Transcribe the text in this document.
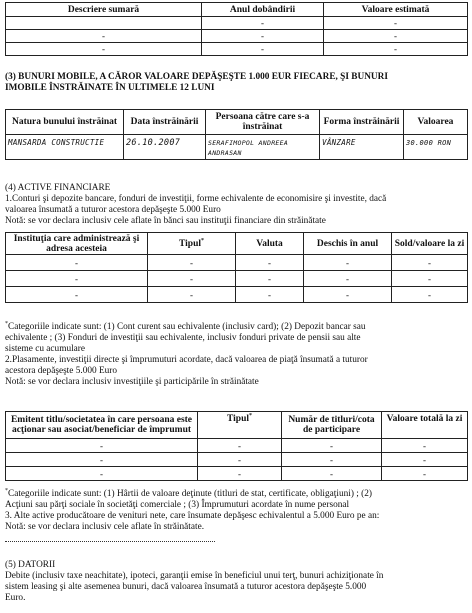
Descriere sumară	Anul dobândirii	Valoare estimată
	-	-
-	-	-
-	-	-

(3) BUNURI MOBILE, A CĂROR VALOARE DEPĂŞEŞTE 1.000 EUR FIECARE, ŞI BUNURI

IMOBILE ÎNSTRĂINATE ÎN ULTIMELE 12 LUNI

Natura bunului înstrăinat	Data înstrăinării	Persoana către care s-a înstrăinat	Forma înstrăinării	Valoarea
MANSARDA CONSTRUCTIE	26.10.2007	SERAFIMOPOL ANDREEA ANDRASAN	VÂNZARE	30.000 RON

(4) ACTIVE FINANCIARE

1.Conturi şi depozite bancare, fonduri de investiţii, forme echivalente de economisire şi investite, dacă

valoarea însumată a tuturor acestora depăşeşte 5.000 Euro

Notă: se vor declara inclusiv cele aflate în bănci sau instituţii financiare din străinătate

Instituţia care administrează şi adresa acesteia	Tipul*	Valuta	Deschis în anul	Sold/valoare la zi
-	-	-	-	-
-	-	-	-	-
-	-	-	-	-

*Categoriile indicate sunt: (1) Cont curent sau echivalente (inclusiv card); (2) Depozit bancar sau

echivalente ; (3) Fonduri de investiţii sau echivalente, inclusiv fonduri private de pensii sau alte

sisteme cu acumulare

2.Plasamente, investiţii directe şi împrumuturi acordate, dacă valoarea de piaţă însumată a tuturor

acestora depăşeşte 5.000 Euro

Notă: se vor declara inclusiv investiţiile şi participările în străinătate

Emitent titlu/societatea în care persoana este acţionar sau asociat/beneficiar de împrumut	Tipul*	Număr de titluri/cota de participare	Valoare totală la zi
-	-	-	-
-	-	-	-
-	-	-	-

*Categoriile indicate sunt: (1) Hârtii de valoare deţinute (titluri de stat, certificate, obligaţiuni) ; (2)

Acţiuni sau părţi sociale în societăţi comerciale ; (3) Împrumuturi acordate în nume personal

3. Alte active producătoare de venituri nete, care însumate depăşesc echivalentul a 5.000 Euro pe an:

Notă: se vor declara inclusiv cele aflate în străinătate.

(5) DATORII

Debite (inclusiv taxe neachitate), ipoteci, garanţii emise în beneficiul unui terţ, bunuri achiziţionate în

sistem leasing şi alte asemenea bunuri, dacă valoarea însumată a tuturor acestora depăşeşte 5.000

Euro.
